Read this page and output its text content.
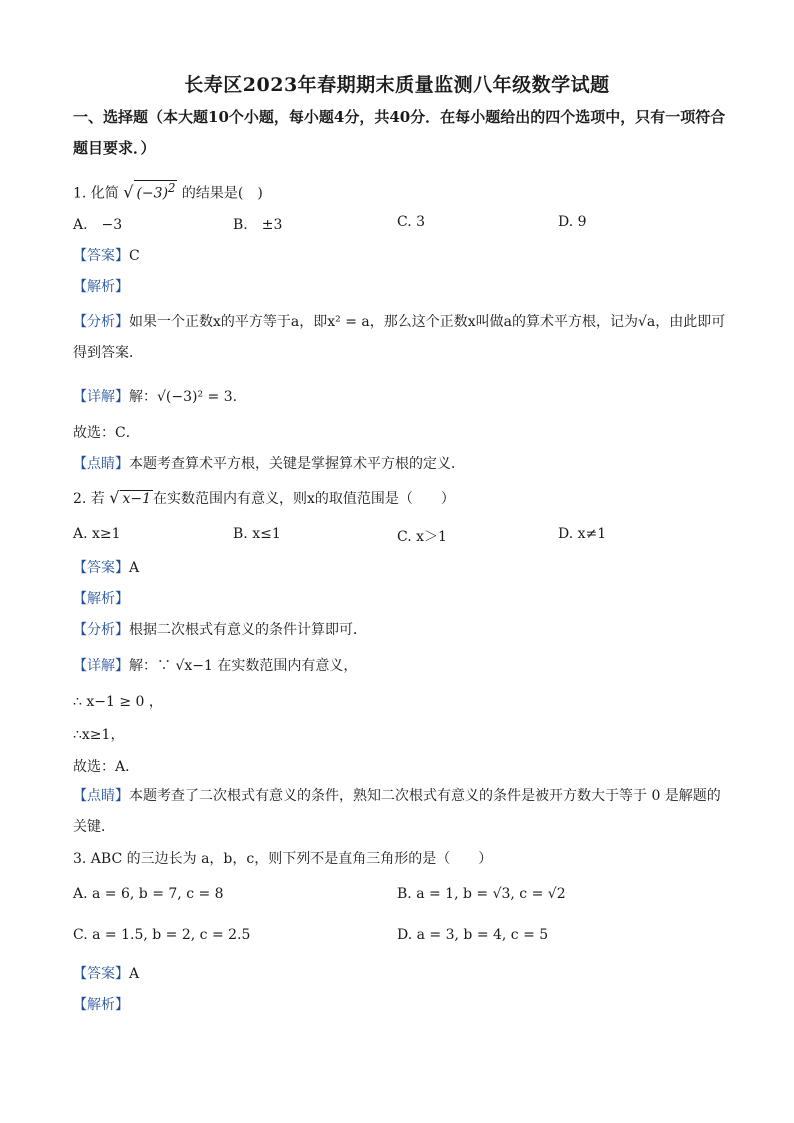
长寿区2023年春期期末质量监测八年级数学试题
一、选择题（本大题10个小题，每小题4分，共40分．在每小题给出的四个选项中，只有一项符合题目要求．）
1. 化简 √ $(-3)^2$ 的结果是(　)
A.　−3	B.　±3	C. 3	D. 9
【答案】C
【解析】
【分析】如果一个正数x的平方等于a，即x² = a，那么这个正数x叫做a的算术平方根，记为√a，由此即可得到答案．
【详解】解：√(−3)² = 3.
故选：C．
【点睛】本题考查算术平方根，关键是掌握算术平方根的定义．
2. 若 √ x−1 在实数范围内有意义，则x的取值范围是（　　）
A. x≥1	B. x≤1	C. x＞1	D. x≠1
【答案】A
【解析】
【分析】根据二次根式有意义的条件计算即可．
【详解】解：∵ √x−1 在实数范围内有意义，
∴ x−1 ≥ 0 ，
∴x≥1，
故选：A．
【点睛】本题考查了二次根式有意义的条件，熟知二次根式有意义的条件是被开方数大于等于 0 是解题的关键．
3. ABC 的三边长为 a，b，c，则下列不是直角三角形的是（　　）
A. a = 6, b = 7, c = 8	B. a = 1, b = √3, c = √2
C. a = 1.5, b = 2, c = 2.5	D. a = 3, b = 4, c = 5
【答案】A
【解析】
